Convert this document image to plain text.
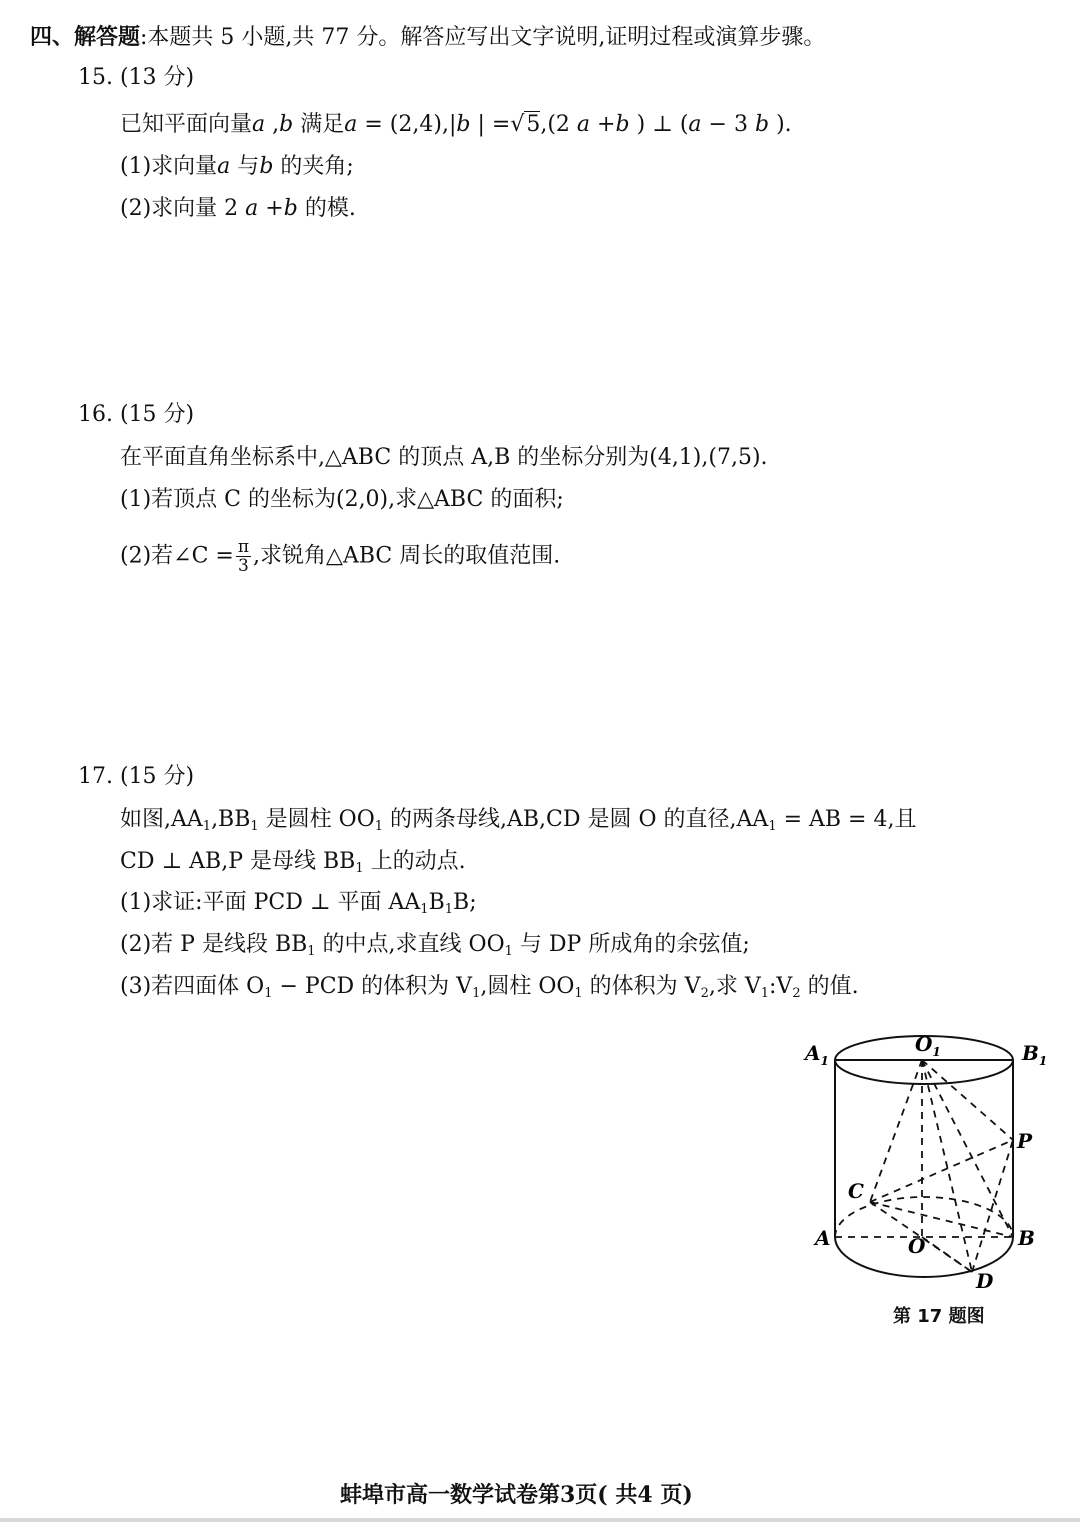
四、解答题:本题共 5 小题,共 77 分。解答应写出文字说明,证明过程或演算步骤。
15. (13 分)
已知平面向量a ,b 满足a = (2,4),|b | =√5,(2 a +b ) ⊥ (a − 3 b ).
(1)求向量a 与b 的夹角;
(2)求向量 2 a +b 的模.
16. (15 分)
在平面直角坐标系中,△ABC 的顶点 A,B 的坐标分别为(4,1),(7,5).
(1)若顶点 C 的坐标为(2,0),求△ABC 的面积;
(2)若∠C = $\frac{\pi}{3}$ ,求锐角△ABC 周长的取值范围.
17. (15 分)
如图$,AA_1,BB_1$ 是圆柱 $OO_1$ 的两条母线,AB,CD 是圆 O 的直径$,AA_1$ = AB = 4,且
CD ⊥ AB,P 是母线 $BB_1$ 上的动点.
(1)求证:平面 PCD ⊥ 平面 $AA_1B_1B$;
(2)若 P 是线段 $BB_1$ 的中点,求直线 $OO_1$ 与 DP 所成角的余弦值;
(3)若四面体 $O_1$ − PCD 的体积为 $V_1$,圆柱 $OO_1$ 的体积为 $V_2$,求 $V_1:V_2$ 的值.
$A_1$
$O_1$	$B_1$
P
C
A	O	B
D
第 17 题图
蚌埠市高一数学试卷第3页( 共4 页)
